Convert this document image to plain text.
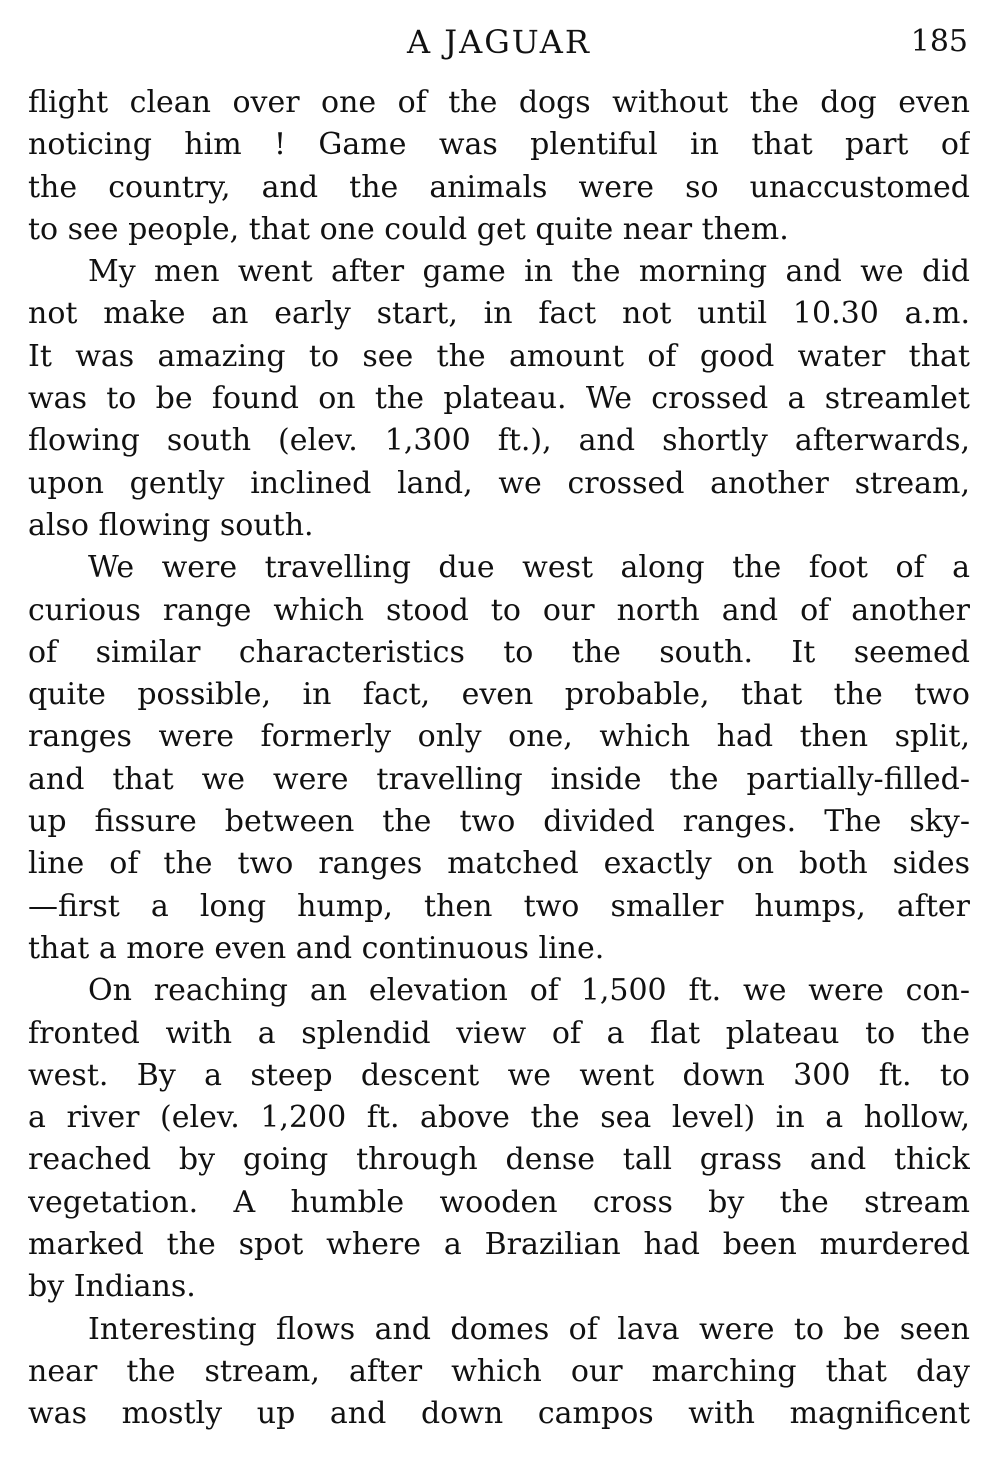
A JAGUAR	185
flight clean over one of the dogs without the dog even
noticing him ! Game was plentiful in that part of
the country, and the animals were so unaccustomed
to see people, that one could get quite near them.
My men went after game in the morning and we did
not make an early start, in fact not until 10.30 a.m.
It was amazing to see the amount of good water that
was to be found on the plateau. We crossed a streamlet
flowing south (elev. 1,300 ft.), and shortly afterwards,
upon gently inclined land, we crossed another stream,
also flowing south.
We were travelling due west along the foot of a
curious range which stood to our north and of another
of similar characteristics to the south. It seemed
quite possible, in fact, even probable, that the two
ranges were formerly only one, which had then split,
and that we were travelling inside the partially-filled-
up fissure between the two divided ranges. The sky-
line of the two ranges matched exactly on both sides
—first a long hump, then two smaller humps, after
that a more even and continuous line.
On reaching an elevation of 1,500 ft. we were con-
fronted with a splendid view of a flat plateau to the
west. By a steep descent we went down 300 ft. to
a river (elev. 1,200 ft. above the sea level) in a hollow,
reached by going through dense tall grass and thick
vegetation. A humble wooden cross by the stream
marked the spot where a Brazilian had been murdered
by Indians.
Interesting flows and domes of lava were to be seen
near the stream, after which our marching that day
was mostly up and down campos with magnificent
